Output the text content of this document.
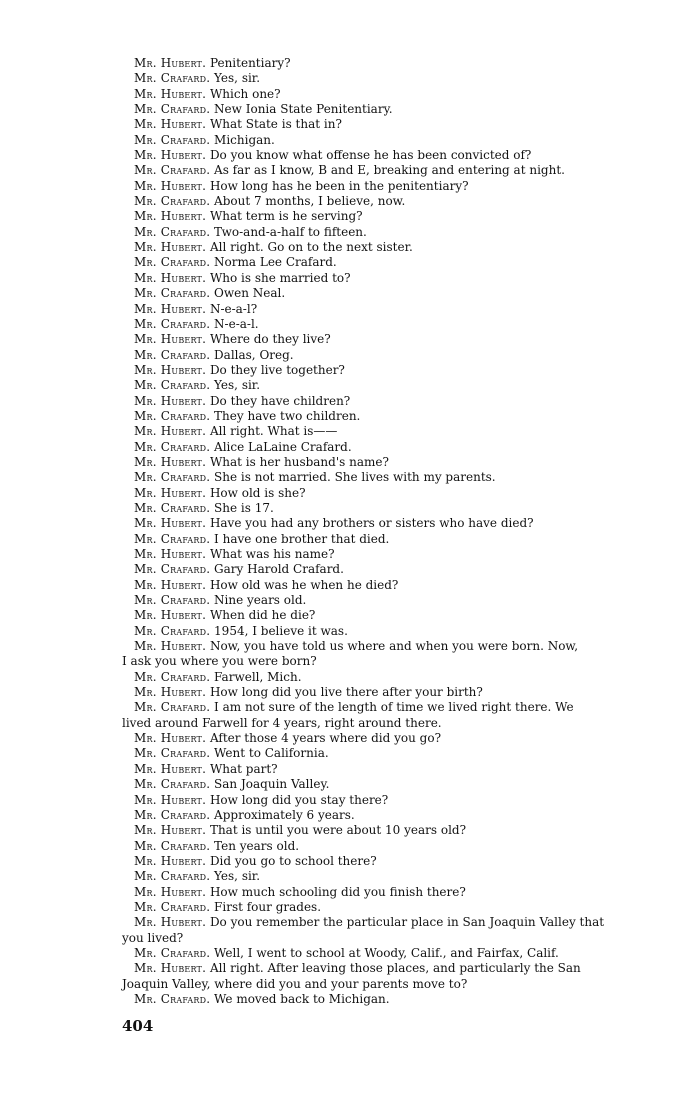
Mr. Hubert. Penitentiary?
Mr. Crafard. Yes, sir.
Mr. Hubert. Which one?
Mr. Crafard. New Ionia State Penitentiary.
Mr. Hubert. What State is that in?
Mr. Crafard. Michigan.
Mr. Hubert. Do you know what offense he has been convicted of?
Mr. Crafard. As far as I know, B and E, breaking and entering at night.
Mr. Hubert. How long has he been in the penitentiary?
Mr. Crafard. About 7 months, I believe, now.
Mr. Hubert. What term is he serving?
Mr. Crafard. Two-and-a-half to fifteen.
Mr. Hubert. All right. Go on to the next sister.
Mr. Crafard. Norma Lee Crafard.
Mr. Hubert. Who is she married to?
Mr. Crafard. Owen Neal.
Mr. Hubert. N-e-a-l?
Mr. Crafard. N-e-a-l.
Mr. Hubert. Where do they live?
Mr. Crafard. Dallas, Oreg.
Mr. Hubert. Do they live together?
Mr. Crafard. Yes, sir.
Mr. Hubert. Do they have children?
Mr. Crafard. They have two children.
Mr. Hubert. All right. What is——
Mr. Crafard. Alice LaLaine Crafard.
Mr. Hubert. What is her husband's name?
Mr. Crafard. She is not married. She lives with my parents.
Mr. Hubert. How old is she?
Mr. Crafard. She is 17.
Mr. Hubert. Have you had any brothers or sisters who have died?
Mr. Crafard. I have one brother that died.
Mr. Hubert. What was his name?
Mr. Crafard. Gary Harold Crafard.
Mr. Hubert. How old was he when he died?
Mr. Crafard. Nine years old.
Mr. Hubert. When did he die?
Mr. Crafard. 1954, I believe it was.
Mr. Hubert. Now, you have told us where and when you were born. Now,
I ask you where you were born?
Mr. Crafard. Farwell, Mich.
Mr. Hubert. How long did you live there after your birth?
Mr. Crafard. I am not sure of the length of time we lived right there. We
lived around Farwell for 4 years, right around there.
Mr. Hubert. After those 4 years where did you go?
Mr. Crafard. Went to California.
Mr. Hubert. What part?
Mr. Crafard. San Joaquin Valley.
Mr. Hubert. How long did you stay there?
Mr. Crafard. Approximately 6 years.
Mr. Hubert. That is until you were about 10 years old?
Mr. Crafard. Ten years old.
Mr. Hubert. Did you go to school there?
Mr. Crafard. Yes, sir.
Mr. Hubert. How much schooling did you finish there?
Mr. Crafard. First four grades.
Mr. Hubert. Do you remember the particular place in San Joaquin Valley that
you lived?
Mr. Crafard. Well, I went to school at Woody, Calif., and Fairfax, Calif.
Mr. Hubert. All right. After leaving those places, and particularly the San
Joaquin Valley, where did you and your parents move to?
Mr. Crafard. We moved back to Michigan.
404
